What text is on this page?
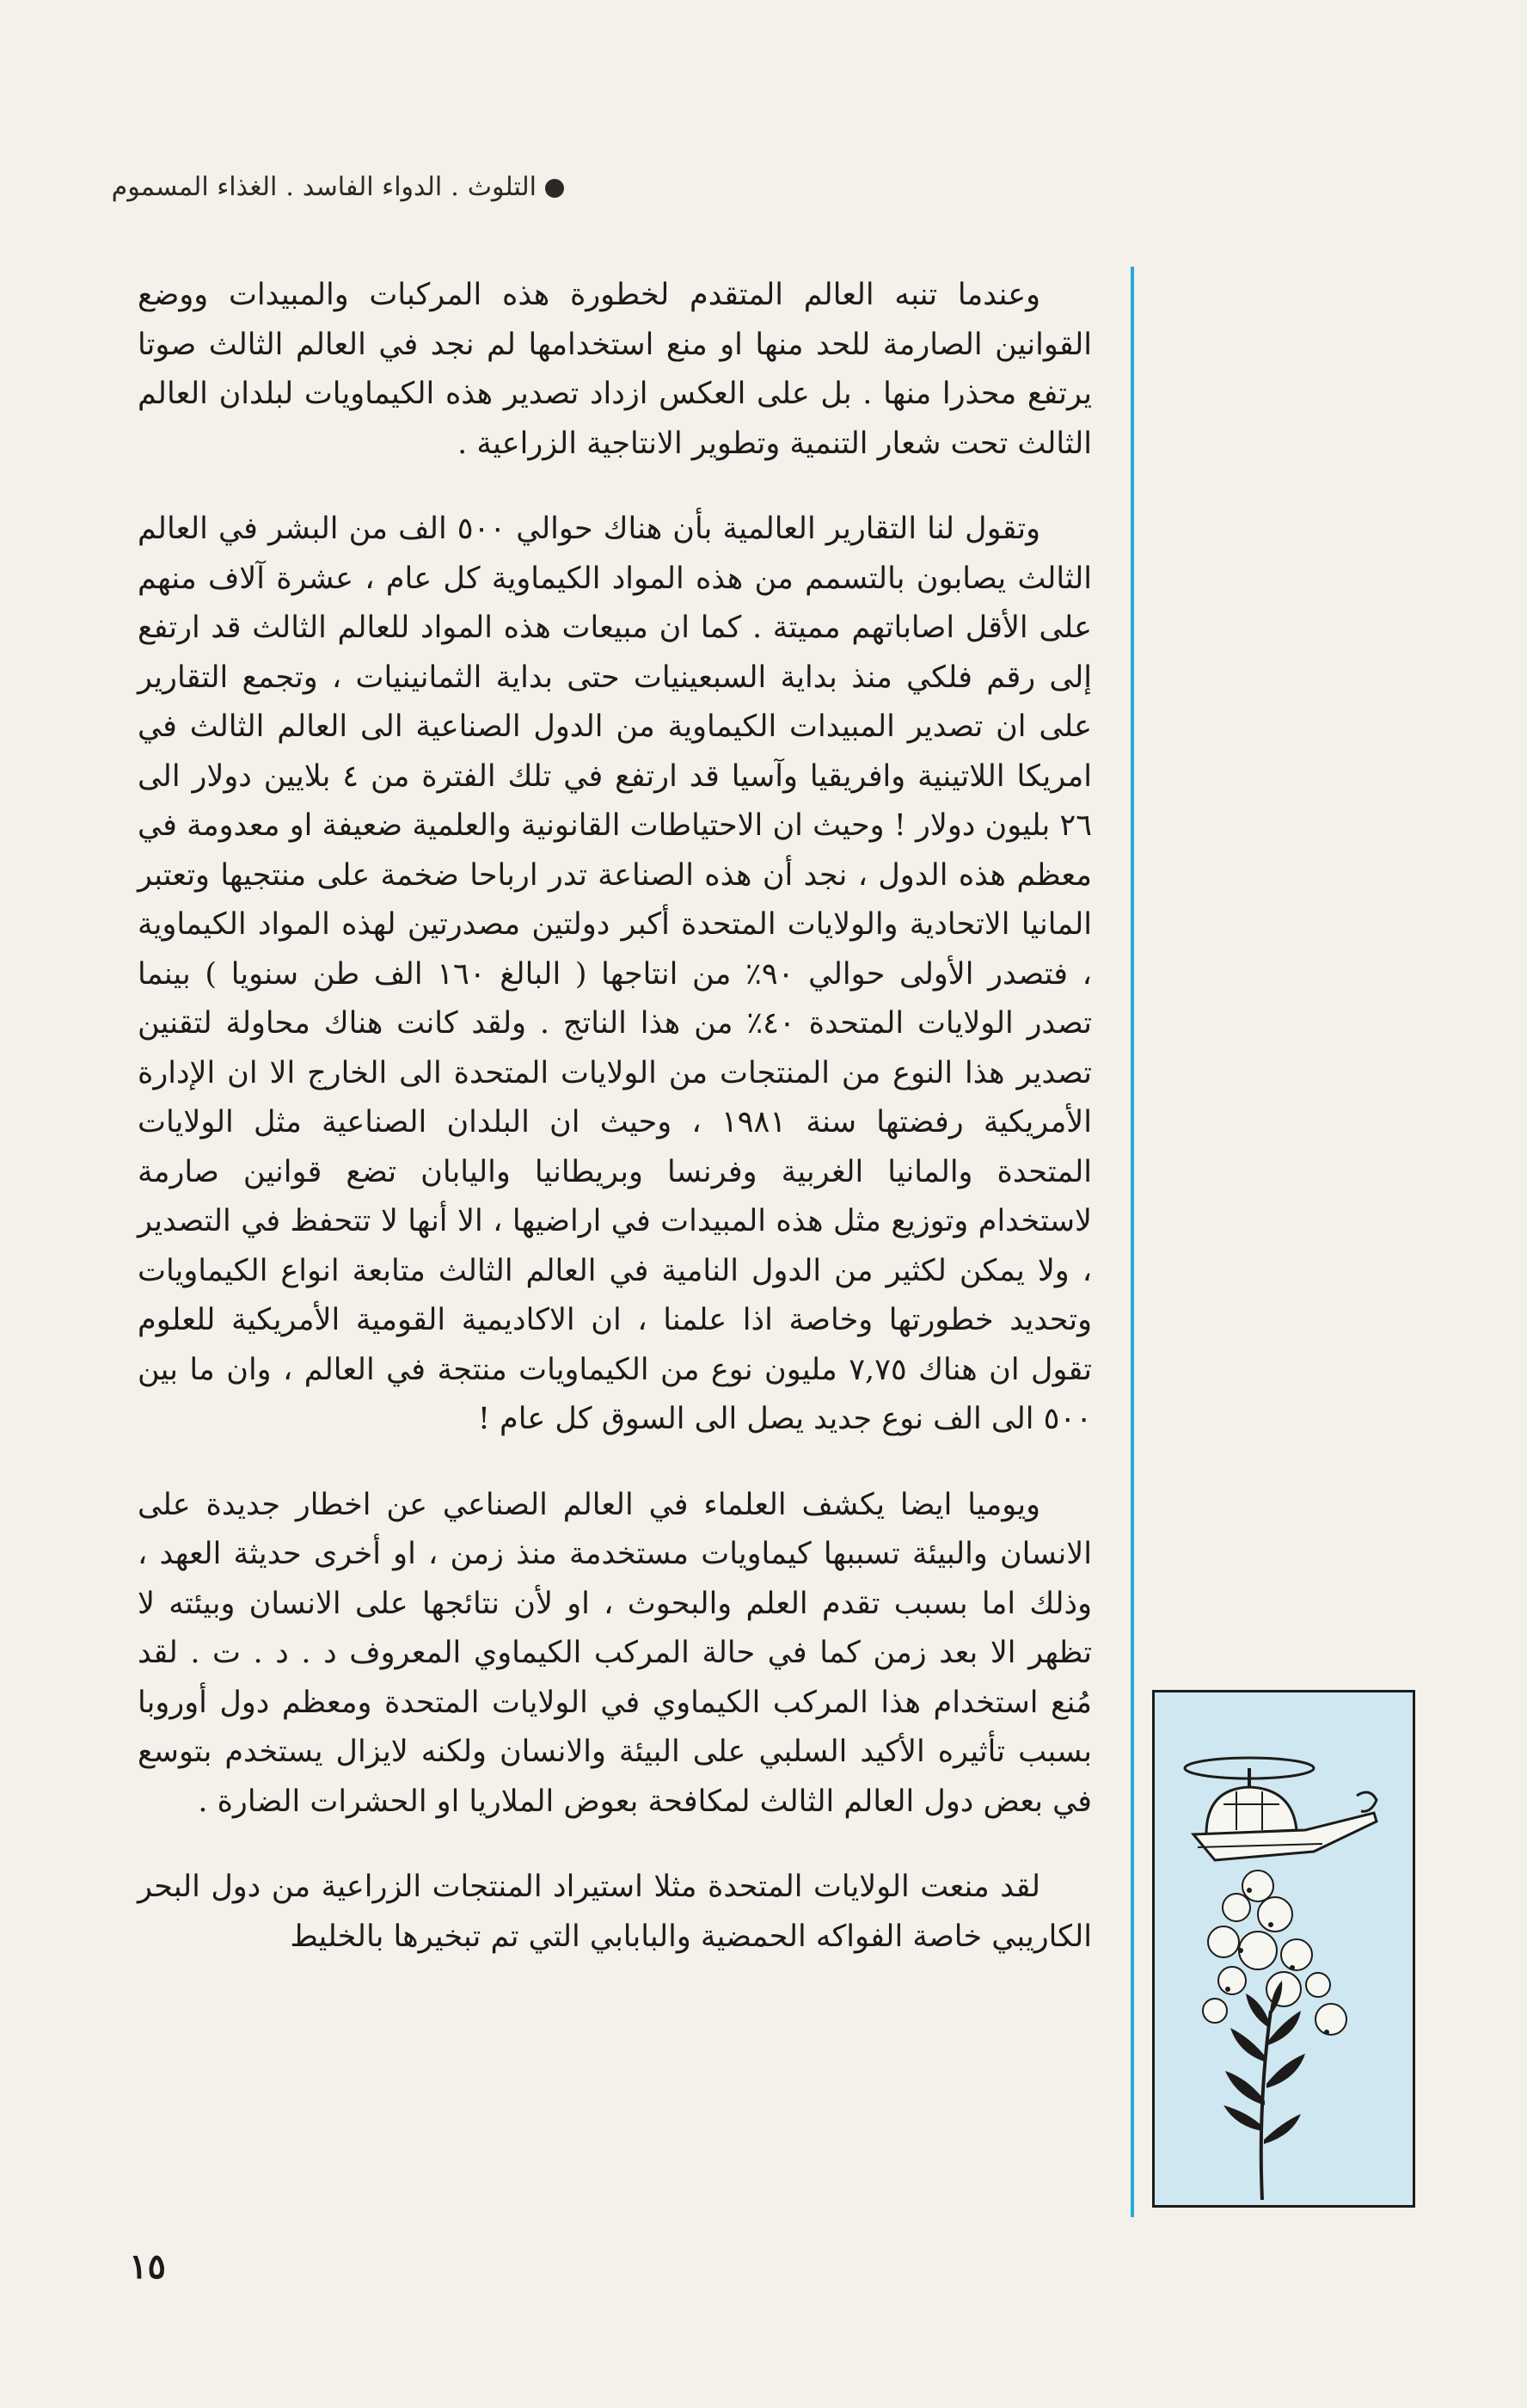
التلوث.الدواء الفاسد.الغذاء المسموم

وعندما تنبه العالم المتقدم لخطورة هذه المركبات والمبيدات ووضع القوانين الصارمة للحد منها او منع استخدامها لم نجد في العالم الثالث صوتا يرتفع محذرا منها . بل على العكس ازداد تصدير هذه الكيماويات لبلدان العالم الثالث تحت شعار التنمية وتطوير الانتاجية الزراعية .

وتقول لنا التقارير العالمية بأن هناك حوالي ٥٠٠ الف من البشر في العالم الثالث يصابون بالتسمم من هذه المواد الكيماوية كل عام ، عشرة آلاف منهم على الأقل اصاباتهم مميتة . كما ان مبيعات هذه المواد للعالم الثالث قد ارتفع إلى رقم فلكي منذ بداية السبعينيات حتى بداية الثمانينيات ، وتجمع التقارير على ان تصدير المبيدات الكيماوية من الدول الصناعية الى العالم الثالث في امريكا اللاتينية وافريقيا وآسيا قد ارتفع في تلك الفترة من ٤ بلايين دولار الى ٢٦ بليون دولار ! وحيث ان الاحتياطات القانونية والعلمية ضعيفة او معدومة في معظم هذه الدول ، نجد أن هذه الصناعة تدر ارباحا ضخمة على منتجيها وتعتبر المانيا الاتحادية والولايات المتحدة أكبر دولتين مصدرتين لهذه المواد الكيماوية ، فتصدر الأولى حوالي ٩٠٪ من انتاجها ( البالغ ١٦٠ الف طن سنويا ) بينما تصدر الولايات المتحدة ٤٠٪ من هذا الناتج . ولقد كانت هناك محاولة لتقنين تصدير هذا النوع من المنتجات من الولايات المتحدة الى الخارج الا ان الإدارة الأمريكية رفضتها سنة ١٩٨١ ، وحيث ان البلدان الصناعية مثل الولايات المتحدة والمانيا الغربية وفرنسا وبريطانيا واليابان تضع قوانين صارمة لاستخدام وتوزيع مثل هذه المبيدات في اراضيها ، الا أنها لا تتحفظ في التصدير ، ولا يمكن لكثير من الدول النامية في العالم الثالث متابعة انواع الكيماويات وتحديد خطورتها وخاصة اذا علمنا ، ان الاكاديمية القومية الأمريكية للعلوم تقول ان هناك ٧,٧٥ مليون نوع من الكيماويات منتجة في العالم ، وان ما بين ٥٠٠ الى الف نوع جديد يصل الى السوق كل عام !

ويوميا ايضا يكشف العلماء في العالم الصناعي عن اخطار جديدة على الانسان والبيئة تسببها كيماويات مستخدمة منذ زمن ، او أخرى حديثة العهد ، وذلك اما بسبب تقدم العلم والبحوث ، او لأن نتائجها على الانسان وبيئته لا تظهر الا بعد زمن كما في حالة المركب الكيماوي المعروف د . د . ت . لقد مُنع استخدام هذا المركب الكيماوي في الولايات المتحدة ومعظم دول أوروبا بسبب تأثيره الأكيد السلبي على البيئة والانسان ولكنه لايزال يستخدم بتوسع في بعض دول العالم الثالث لمكافحة بعوض الملاريا او الحشرات الضارة .

لقد منعت الولايات المتحدة مثلا استيراد المنتجات الزراعية من دول البحر الكاريبي خاصة الفواكه الحمضية والبابابي التي تم تبخيرها بالخليط

١٥
